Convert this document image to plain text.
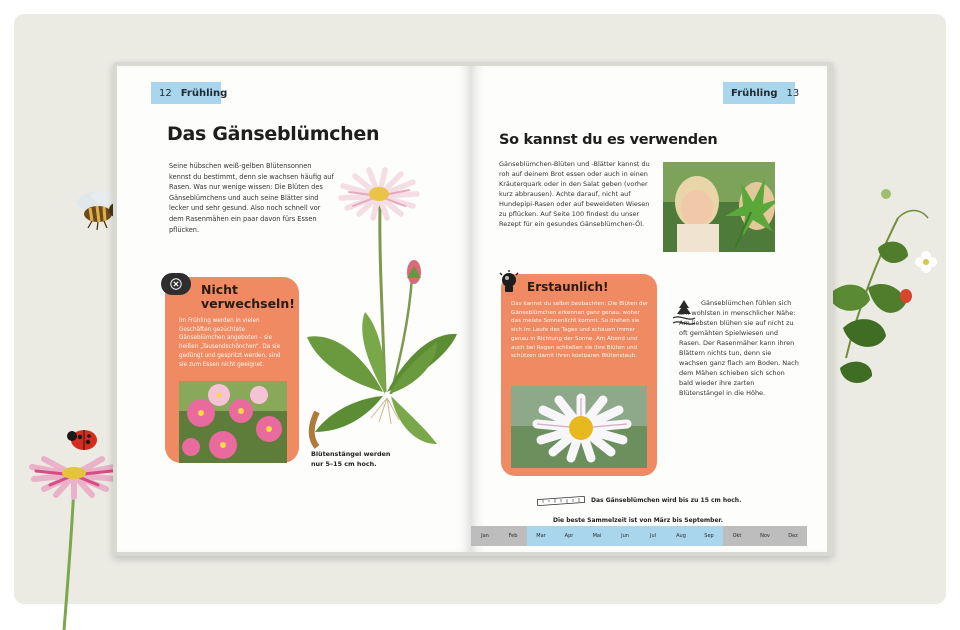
12 Frühling
Das Gänseblümchen

Seine hübschen weiß-gelben Blütensonnen kennst du bestimmt, denn sie wachsen häufig auf Rasen. Was nur wenige wissen: Die Blüten des Gänseblümchens und auch seine Blätter sind lecker und sehr gesund. Also noch schnell vor dem Rasenmähen ein paar davon fürs Essen pflücken.

Nicht
verwechseln!

Im Frühling werden in vielen Geschäften gezüchtete Gänseblümchen angeboten – sie heißen „Tausendschönchen“. Da sie gedüngt und gespritzt werden, sind sie zum Essen nicht geeignet.

Blütenstängel werden nur 5–15 cm hoch.

Frühling 13
So kannst du es verwenden

Gänseblümchen-Blüten und -Blätter kannst du roh auf deinem Brot essen oder auch in einen Kräuterquark oder in den Salat geben (vorher kurz abbrausen). Achte darauf, nicht auf Hundepipi-Rasen oder auf beweideten Wiesen zu pflücken. Auf Seite 100 findest du unser Rezept für ein gesundes Gänseblümchen-Öl.

Erstaunlich!

Das kannst du selbst beobachten: Die Blüten der Gänseblümchen erkennen ganz genau, woher das meiste Sonnenlicht kommt. So drehen sie sich im Laufe des Tages und schauen immer genau in Richtung der Sonne. Am Abend und auch bei Regen schließen sie ihre Blüten und schützen damit ihren kostbaren Blütenstaub.

Gänseblümchen fühlen sich am wohlsten in menschlicher Nähe: Am liebsten blühen sie auf nicht zu oft gemähten Spielwiesen und Rasen. Der Rasenmäher kann ihren Blättern nichts tun, denn sie wachsen ganz flach am Boden. Nach dem Mähen schieben sich schon bald wieder ihre zarten Blütenstängel in die Höhe.

Das Gänseblümchen wird bis zu 15 cm hoch.

Die beste Sammelzeit ist von März bis September.

Jan	Feb	Mar	Apr	Mai	Jun	Jul	Aug	Sep	Okt	Nov	Dez
